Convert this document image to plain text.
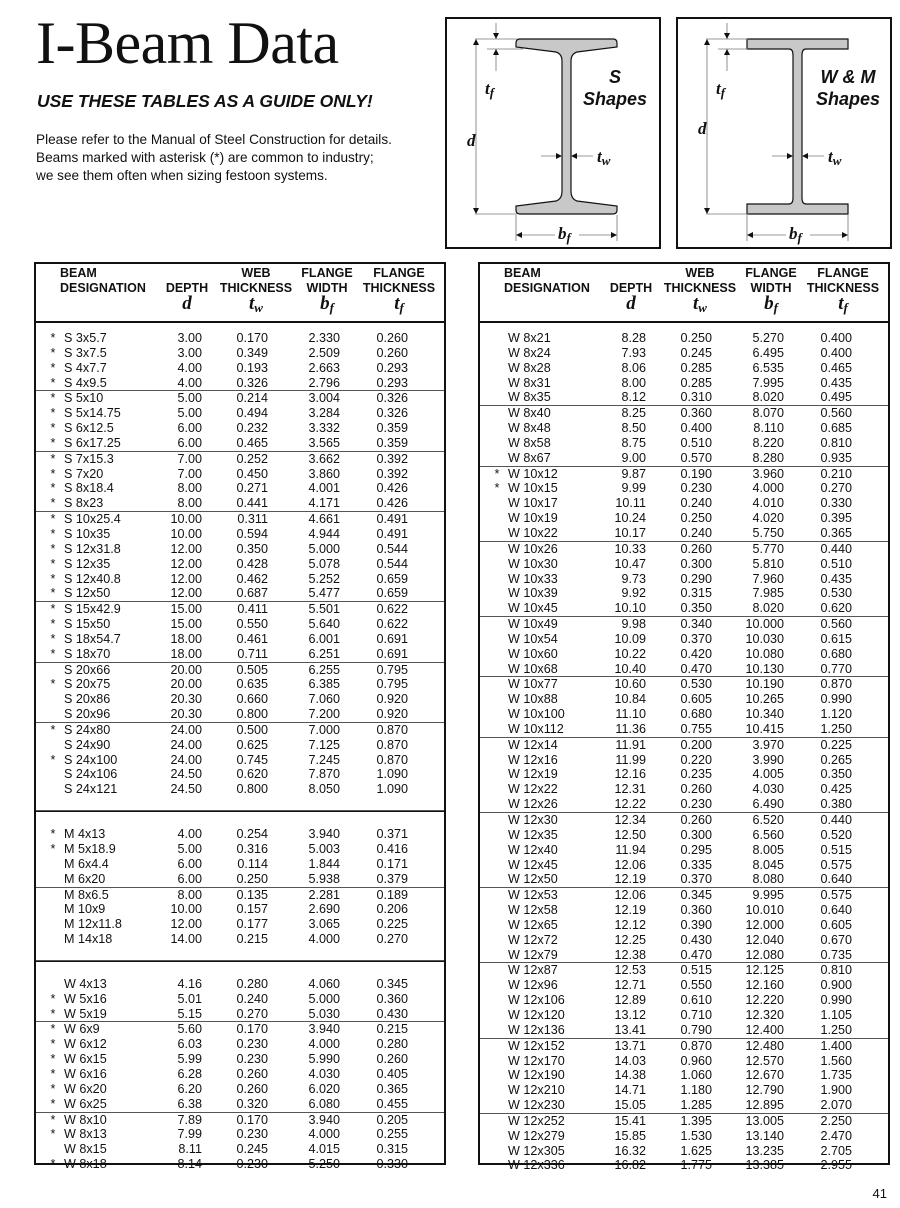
I-Beam Data
USE THESE TABLES AS A GUIDE ONLY!
Please refer to the Manual of Steel Construction for details.
Beams marked with asterisk (*) are common to industry;
we see them often when sizing festoon systems.
$t_f$
d
$t_w$
$b_f$
S
Shapes
$t_f$
d
$t_w$
$b_f$
W & M
Shapes
BEAM
DESIGNATION	DEPTH
d
WEB
THICKNESS
$t_w$
FLANGE
WIDTH
$b_f$
FLANGE
THICKNESS
$t_f$
* S 3x5.7	3.00	0.170	2.330	0.260
* S 3x7.5	3.00	0.349	2.509	0.260
* S 4x7.7	4.00	0.193	2.663	0.293
* S 4x9.5	4.00	0.326	2.796	0.293
* S 5x10	5.00	0.214	3.004	0.326
* S 5x14.75	5.00	0.494	3.284	0.326
* S 6x12.5	6.00	0.232	3.332	0.359
* S 6x17.25	6.00	0.465	3.565	0.359
* S 7x15.3	7.00	0.252	3.662	0.392
* S 7x20	7.00	0.450	3.860	0.392
* S 8x18.4	8.00	0.271	4.001	0.426
* S 8x23	8.00	0.441	4.171	0.426
* S 10x25.4	10.00	0.311	4.661	0.491
* S 10x35	10.00	0.594	4.944	0.491
* S 12x31.8	12.00	0.350	5.000	0.544
* S 12x35	12.00	0.428	5.078	0.544
* S 12x40.8	12.00	0.462	5.252	0.659
* S 12x50	12.00	0.687	5.477	0.659
* S 15x42.9	15.00	0.411	5.501	0.622
* S 15x50	15.00	0.550	5.640	0.622
* S 18x54.7	18.00	0.461	6.001	0.691
* S 18x70	18.00	0.711	6.251	0.691
S 20x66	20.00	0.505	6.255	0.795
* S 20x75	20.00	0.635	6.385	0.795
S 20x86	20.30	0.660	7.060	0.920
S 20x96	20.30	0.800	7.200	0.920
* S 24x80	24.00	0.500	7.000	0.870
S 24x90	24.00	0.625	7.125	0.870
* S 24x100	24.00	0.745	7.245	0.870
S 24x106	24.50	0.620	7.870	1.090
S 24x121	24.50	0.800	8.050	1.090
* M 4x13	4.00	0.254	3.940	0.371
* M 5x18.9	5.00	0.316	5.003	0.416
M 6x4.4	6.00	0.114	1.844	0.171
M 6x20	6.00	0.250	5.938	0.379
M 8x6.5	8.00	0.135	2.281	0.189
M 10x9	10.00	0.157	2.690	0.206
M 12x11.8	12.00	0.177	3.065	0.225
M 14x18	14.00	0.215	4.000	0.270
W 4x13	4.16	0.280	4.060	0.345
* W 5x16	5.01	0.240	5.000	0.360
* W 5x19	5.15	0.270	5.030	0.430
* W 6x9	5.60	0.170	3.940	0.215
* W 6x12	6.03	0.230	4.000	0.280
* W 6x15	5.99	0.230	5.990	0.260
* W 6x16	6.28	0.260	4.030	0.405
* W 6x20	6.20	0.260	6.020	0.365
* W 6x25	6.38	0.320	6.080	0.455
* W 8x10	7.89	0.170	3.940	0.205
* W 8x13	7.99	0.230	4.000	0.255
W 8x15	8.11	0.245	4.015	0.315
* W 8x18	8.14	0.230	5.250	0.330
BEAM
DESIGNATION	DEPTH
d
WEB
THICKNESS
$t_w$
FLANGE
WIDTH
$b_f$
FLANGE
THICKNESS
$t_f$
W 8x21	8.28	0.250	5.270	0.400
W 8x24	7.93	0.245	6.495	0.400
W 8x28	8.06	0.285	6.535	0.465
W 8x31	8.00	0.285	7.995	0.435
W 8x35	8.12	0.310	8.020	0.495
W 8x40	8.25	0.360	8.070	0.560
W 8x48	8.50	0.400	8.110	0.685
W 8x58	8.75	0.510	8.220	0.810
W 8x67	9.00	0.570	8.280	0.935
* W 10x12	9.87	0.190	3.960	0.210
* W 10x15	9.99	0.230	4.000	0.270
W 10x17	10.11	0.240	4.010	0.330
W 10x19	10.24	0.250	4.020	0.395
W 10x22	10.17	0.240	5.750	0.365
W 10x26	10.33	0.260	5.770	0.440
W 10x30	10.47	0.300	5.810	0.510
W 10x33	9.73	0.290	7.960	0.435
W 10x39	9.92	0.315	7.985	0.530
W 10x45	10.10	0.350	8.020	0.620
W 10x49	9.98	0.340	10.000	0.560
W 10x54	10.09	0.370	10.030	0.615
W 10x60	10.22	0.420	10.080	0.680
W 10x68	10.40	0.470	10.130	0.770
W 10x77	10.60	0.530	10.190	0.870
W 10x88	10.84	0.605	10.265	0.990
W 10x100	11.10	0.680	10.340	1.120
W 10x112	11.36	0.755	10.415	1.250
W 12x14	11.91	0.200	3.970	0.225
W 12x16	11.99	0.220	3.990	0.265
W 12x19	12.16	0.235	4.005	0.350
W 12x22	12.31	0.260	4.030	0.425
W 12x26	12.22	0.230	6.490	0.380
W 12x30	12.34	0.260	6.520	0.440
W 12x35	12.50	0.300	6.560	0.520
W 12x40	11.94	0.295	8.005	0.515
W 12x45	12.06	0.335	8.045	0.575
W 12x50	12.19	0.370	8.080	0.640
W 12x53	12.06	0.345	9.995	0.575
W 12x58	12.19	0.360	10.010	0.640
W 12x65	12.12	0.390	12.000	0.605
W 12x72	12.25	0.430	12.040	0.670
W 12x79	12.38	0.470	12.080	0.735
W 12x87	12.53	0.515	12.125	0.810
W 12x96	12.71	0.550	12.160	0.900
W 12x106	12.89	0.610	12.220	0.990
W 12x120	13.12	0.710	12.320	1.105
W 12x136	13.41	0.790	12.400	1.250
W 12x152	13.71	0.870	12.480	1.400
W 12x170	14.03	0.960	12.570	1.560
W 12x190	14.38	1.060	12.670	1.735
W 12x210	14.71	1.180	12.790	1.900
W 12x230	15.05	1.285	12.895	2.070
W 12x252	15.41	1.395	13.005	2.250
W 12x279	15.85	1.530	13.140	2.470
W 12x305	16.32	1.625	13.235	2.705
W 12x336	16.82	1.775	13.385	2.955
41
